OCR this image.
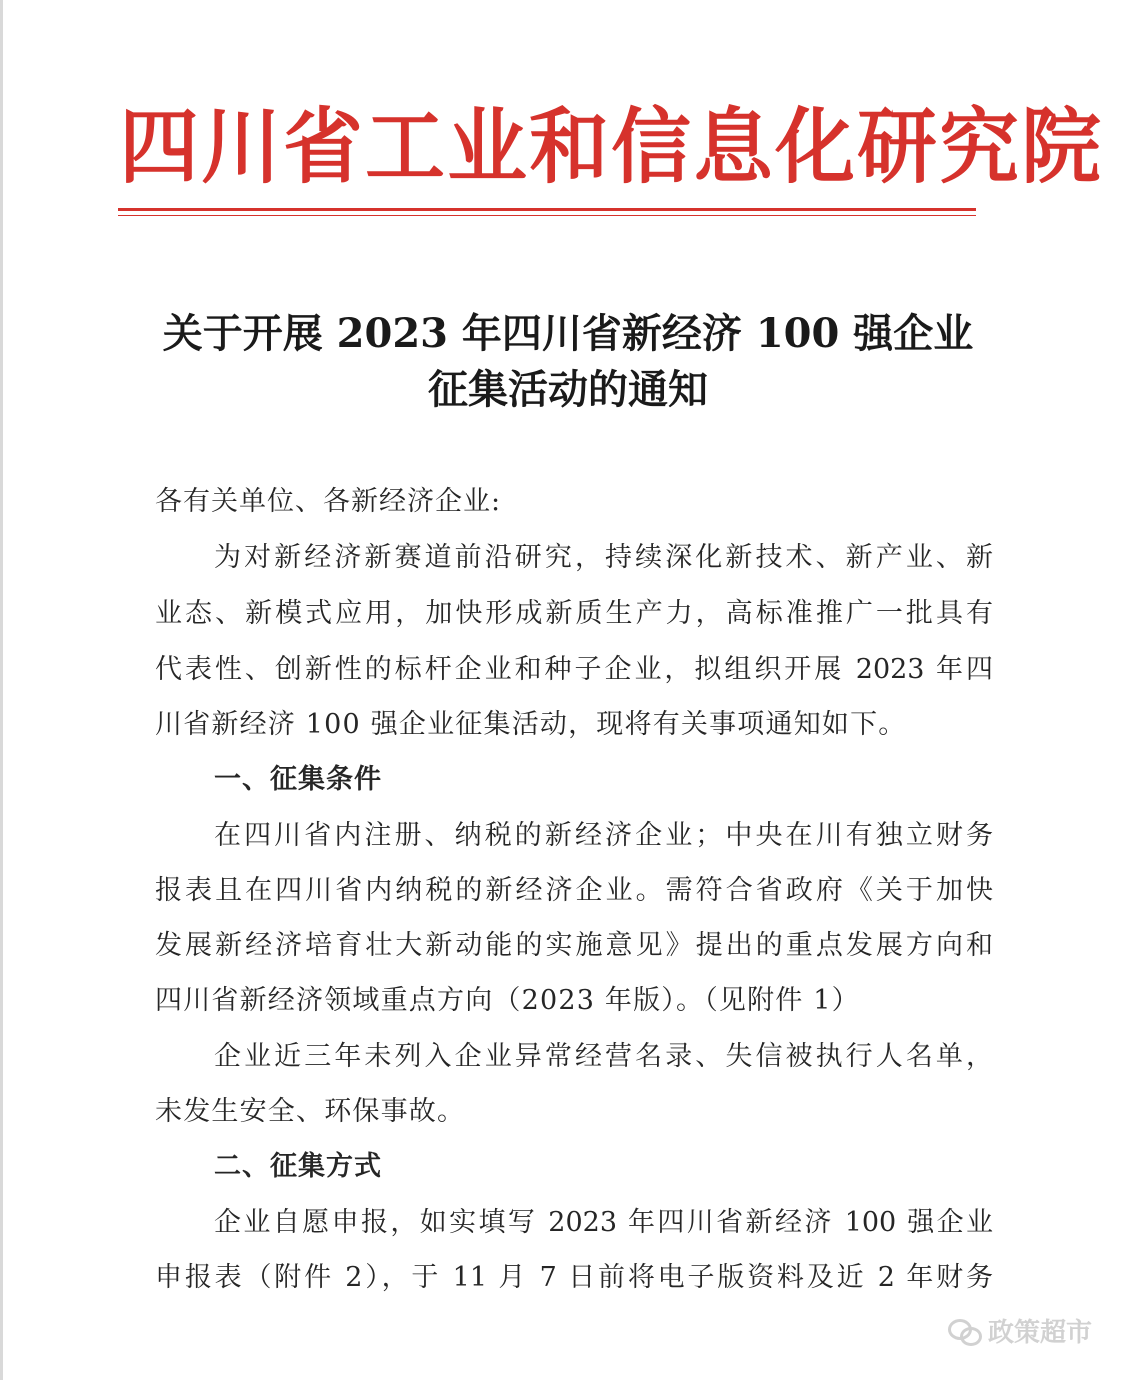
四 川 省 工 业 和 信 息 化 研 究 院
关于开展 2023 年四川省新经济 100 强企业
征集活动的通知
各有关单位、各新经济企业:
为对新经济新赛道前沿研究，持续深化新技术、新产业、新
业态、新模式应用，加快形成新质生产力，高标准推广一批具有
代表性、创新性的标杆企业和种子企业，拟组织开展 2023 年四
川省新经济 100 强企业征集活动，现将有关事项通知如下。
一、征集条件
在四川省内注册、纳税的新经济企业；中央在川有独立财务
报表且在四川省内纳税的新经济企业。需符合省政府《关于加快
发展新经济培育壮大新动能的实施意见》提出的重点发展方向和
四川省新经济领域重点方向（2023 年版）。（见附件 1）
企业近三年未列入企业异常经营名录、失信被执行人名单，
未发生安全、环保事故。
二、征集方式
企业自愿申报，如实填写 2023 年四川省新经济 100 强企业
申报表（附件 2），于 11 月 7 日前将电子版资料及近 2 年财务
政策超市
